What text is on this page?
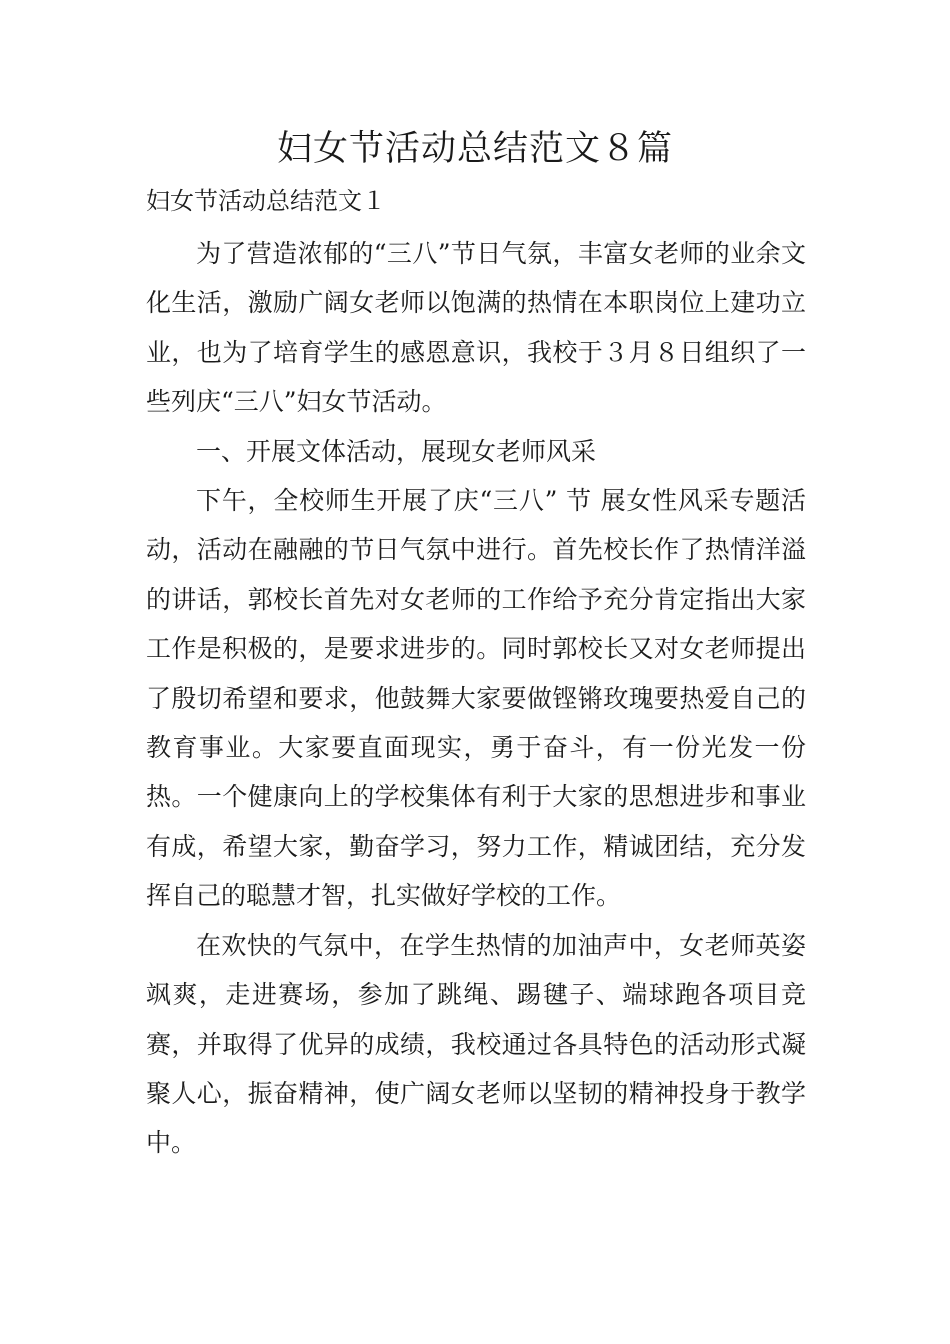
妇女节活动总结范文８篇

妇女节活动总结范文１

为了营造浓郁的“三八”节日气氛，丰富女老师的业余文化生活，激励广阔女老师以饱满的热情在本职岗位上建功立业，也为了培育学生的感恩意识，我校于３月８日组织了一些列庆“三八”妇女节活动。

一、开展文体活动，展现女老师风采

下午，全校师生开展了庆“三八” 节 展女性风采专题活动，活动在融融的节日气氛中进行。首先校长作了热情洋溢的讲话，郭校长首先对女老师的工作给予充分肯定指出大家工作是积极的，是要求进步的。同时郭校长又对女老师提出了殷切希望和要求，他鼓舞大家要做铿锵玫瑰要热爱自己的教育事业。大家要直面现实，勇于奋斗，有一份光发一份热。一个健康向上的学校集体有利于大家的思想进步和事业有成，希望大家，勤奋学习，努力工作，精诚团结，充分发挥自己的聪慧才智，扎实做好学校的工作。

在欢快的气氛中，在学生热情的加油声中，女老师英姿飒爽，走进赛场，参加了跳绳、踢毽子、端球跑各项目竞赛，并取得了优异的成绩，我校通过各具特色的活动形式凝聚人心，振奋精神，使广阔女老师以坚韧的精神投身于教学中。
